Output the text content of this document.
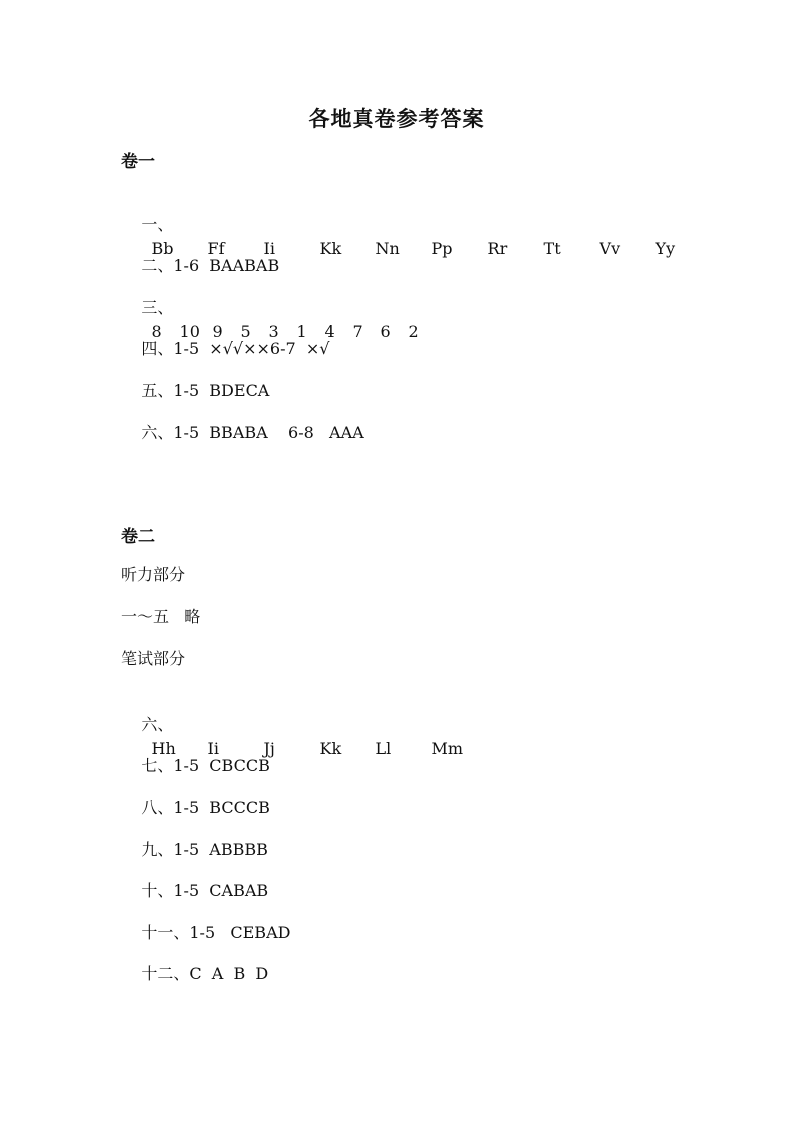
各地真卷参考答案
卷一

一、
Bb Ff Ii	Kk Nn Pp Rr Tt Vv Yy

二、1-6  BAABAB

三、
8 10 9 5 3 1 4 7 6 2

四、1-5  ×√√××6-7  ×√

五、1-5  BDECA

六、1-5  BBABA    6-8   AAA

卷二
听力部分
一～五   略
笔试部分

六、
Hh Ii	Jj	Kk Ll	Mm

七、1-5  CBCCB

八、1-5  BCCCB

九、1-5  ABBBB

十、1-5  CABAB

十一、1-5   CEBAD

十二、C  A  B  D
